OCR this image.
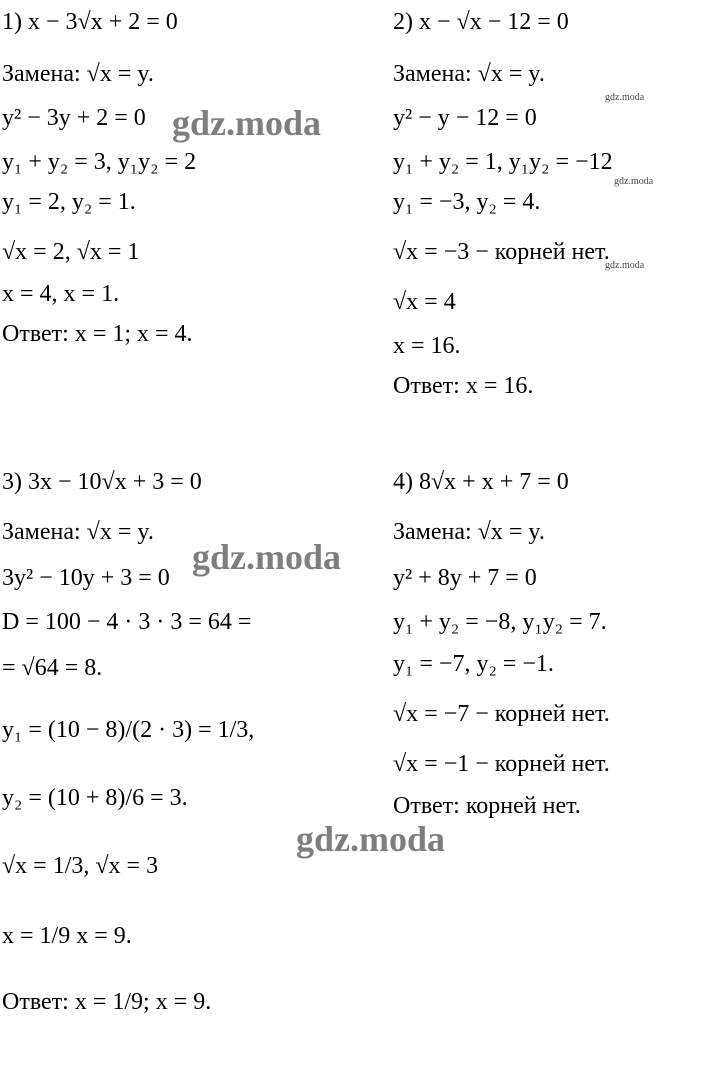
1) x − 3√x + 2 = 0
Замена: √x = y.
y² − 3y + 2 = 0
y₁ + y₂ = 3, y₁y₂ = 2
y₁ = 2, y₂ = 1.
√x = 2, √x = 1
x = 4, x = 1.
Ответ: x = 1; x = 4.
2) x − √x − 12 = 0
Замена: √x = y.
y² − y − 12 = 0
y₁ + y₂ = 1, y₁y₂ = −12
y₁ = −3, y₂ = 4.
√x = −3 − корней нет.
√x = 4
x = 16.
Ответ: x = 16.
3) 3x − 10√x + 3 = 0
Замена: √x = y.
3y² − 10y + 3 = 0
D = 100 − 4 · 3 · 3 = 64 =
= √64 = 8.
y₁ = (10 − 8)/(2 · 3) = 1/3,
y₂ = (10 + 8)/6 = 3.
√x = 1/3, √x = 3
x = 1/9 x = 9.
Ответ: x = 1/9; x = 9.
4) 8√x + x + 7 = 0
Замена: √x = y.
y² + 8y + 7 = 0
y₁ + y₂ = −8, y₁y₂ = 7.
y₁ = −7, y₂ = −1.
√x = −7 − корней нет.
√x = −1 − корней нет.
Ответ: корней нет.
gdz.moda
gdz.moda
gdz.moda
gdz.moda
gdz.moda
gdz.moda
